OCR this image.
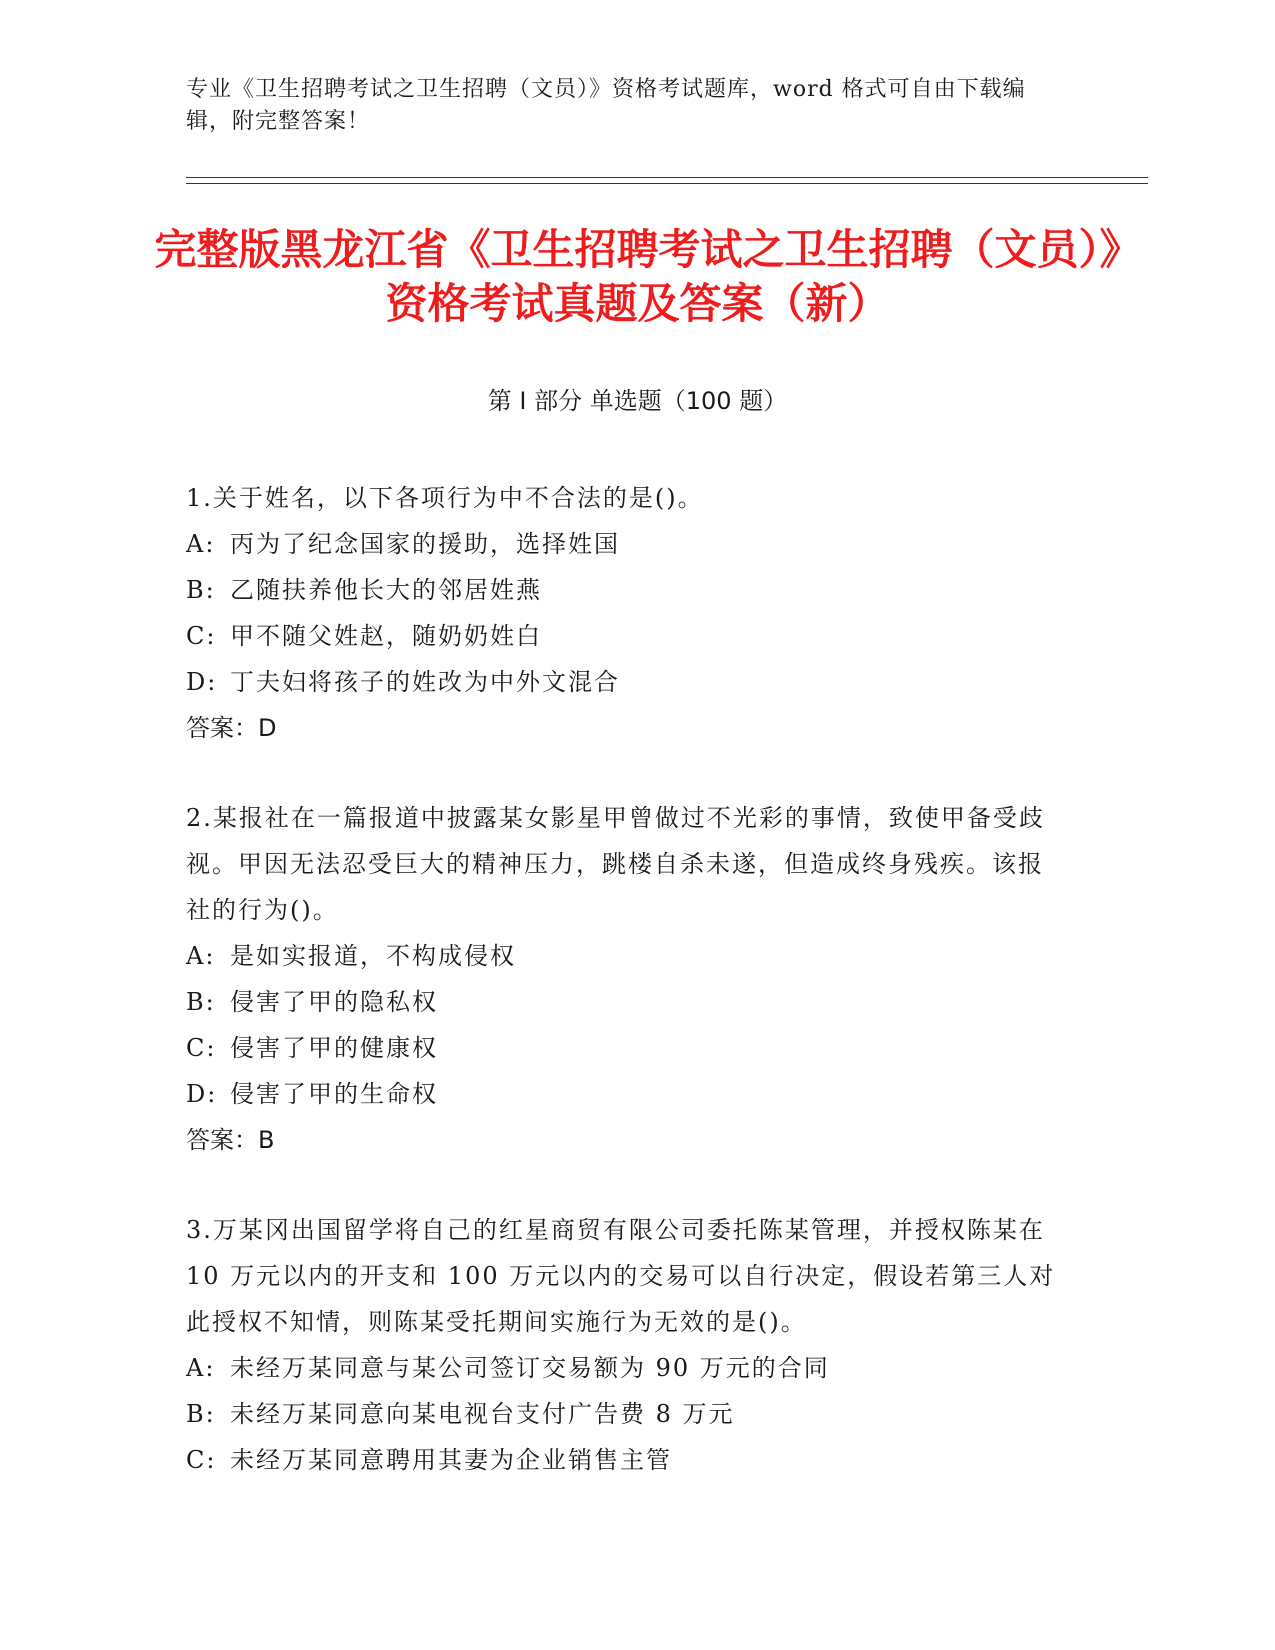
专业《卫生招聘考试之卫生招聘（文员）》资格考试题库，word 格式可自由下载编辑，附完整答案！
完整版黑龙江省《卫生招聘考试之卫生招聘（文员）》资格考试真题及答案（新）
第 I 部分 单选题（100 题）
1.关于姓名，以下各项行为中不合法的是()。
A: 丙为了纪念国家的援助，选择姓国
B: 乙随扶养他长大的邻居姓燕
C: 甲不随父姓赵，随奶奶姓白
D: 丁夫妇将孩子的姓改为中外文混合
答案：D
2.某报社在一篇报道中披露某女影星甲曾做过不光彩的事情，致使甲备受歧视。甲因无法忍受巨大的精神压力，跳楼自杀未遂，但造成终身残疾。该报社的行为()。
A: 是如实报道，不构成侵权
B: 侵害了甲的隐私权
C: 侵害了甲的健康权
D: 侵害了甲的生命权
答案：B
3.万某冈出国留学将自己的红星商贸有限公司委托陈某管理，并授权陈某在 10 万元以内的开支和 100 万元以内的交易可以自行决定，假设若第三人对此授权不知情，则陈某受托期间实施行为无效的是()。
A: 未经万某同意与某公司签订交易额为 90 万元的合同
B: 未经万某同意向某电视台支付广告费 8 万元
C: 未经万某同意聘用其妻为企业销售主管
